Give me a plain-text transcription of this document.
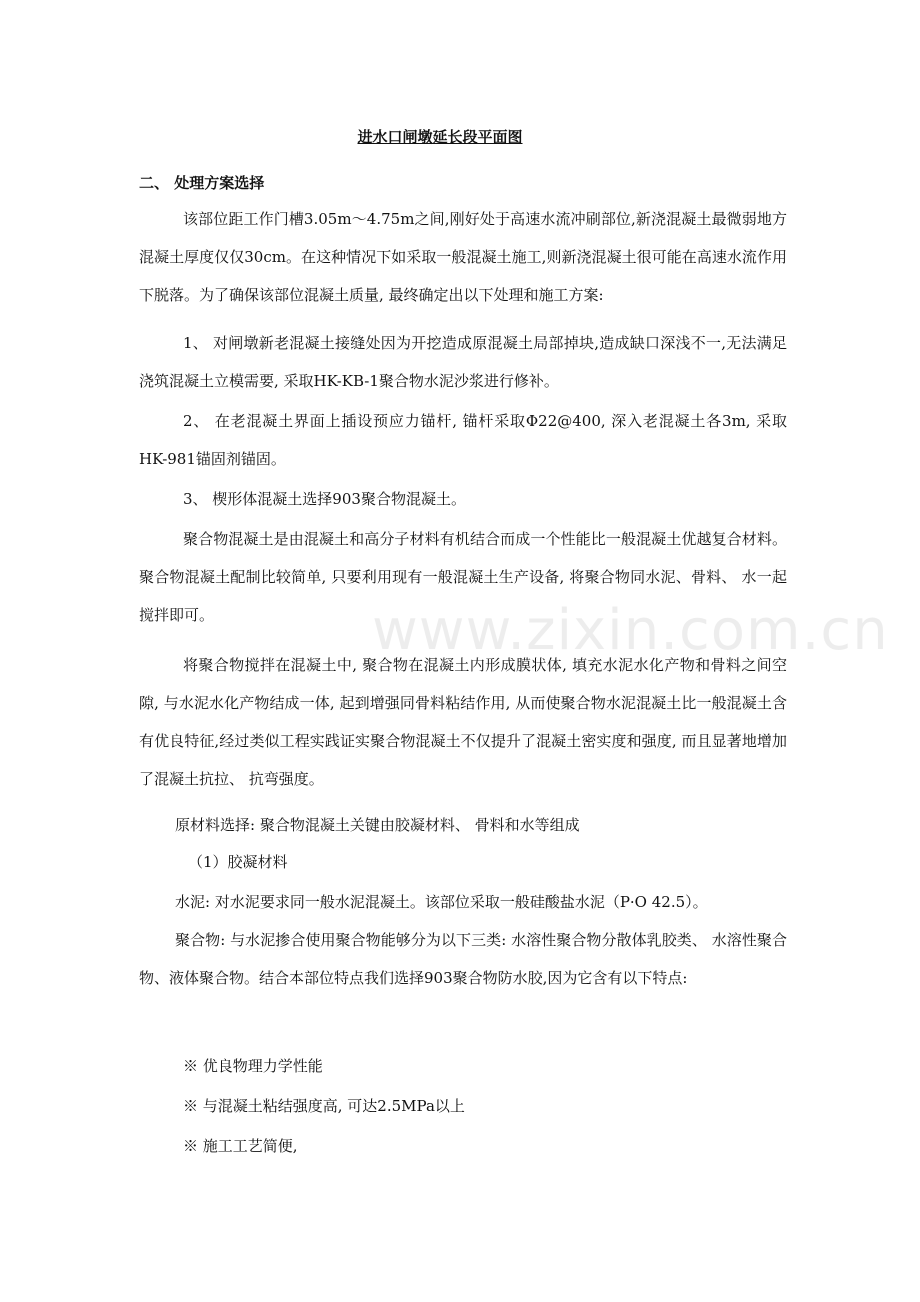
进水口闸墩延长段平面图
二、 处理方案选择

该部位距工作门槽3.05m～4.75m之间,刚好处于高速水流冲刷部位,新浇混凝土最微弱地方混凝土厚度仅仅30cm。在这种情况下如采取一般混凝土施工,则新浇混凝土很可能在高速水流作用下脱落。为了确保该部位混凝土质量, 最终确定出以下处理和施工方案:

1、 对闸墩新老混凝土接缝处因为开挖造成原混凝土局部掉块,造成缺口深浅不一,无法满足浇筑混凝土立模需要, 采取HK-KB-1聚合物水泥沙浆进行修补。

2、 在老混凝土界面上插设预应力锚杆, 锚杆采取Φ22@400, 深入老混凝土各3m, 采取HK-981锚固剂锚固。

3、 楔形体混凝土选择903聚合物混凝土。

聚合物混凝土是由混凝土和高分子材料有机结合而成一个性能比一般混凝土优越复合材料。聚合物混凝土配制比较简单, 只要利用现有一般混凝土生产设备, 将聚合物同水泥、骨料、 水一起搅拌即可。

将聚合物搅拌在混凝土中, 聚合物在混凝土内形成膜状体, 填充水泥水化产物和骨料之间空隙, 与水泥水化产物结成一体, 起到增强同骨料粘结作用, 从而使聚合物水泥混凝土比一般混凝土含有优良特征,经过类似工程实践证实聚合物混凝土不仅提升了混凝土密实度和强度, 而且显著地增加了混凝土抗拉、 抗弯强度。

原材料选择: 聚合物混凝土关键由胶凝材料、 骨料和水等组成

（1）胶凝材料

水泥: 对水泥要求同一般水泥混凝土。该部位采取一般硅酸盐水泥（P·O 42.5）。

聚合物: 与水泥掺合使用聚合物能够分为以下三类: 水溶性聚合物分散体乳胶类、 水溶性聚合物、液体聚合物。结合本部位特点我们选择903聚合物防水胶,因为它含有以下特点:

※ 优良物理力学性能
※ 与混凝土粘结强度高, 可达2.5MPa以上
※ 施工工艺简便,
www.zixin.com.cn
